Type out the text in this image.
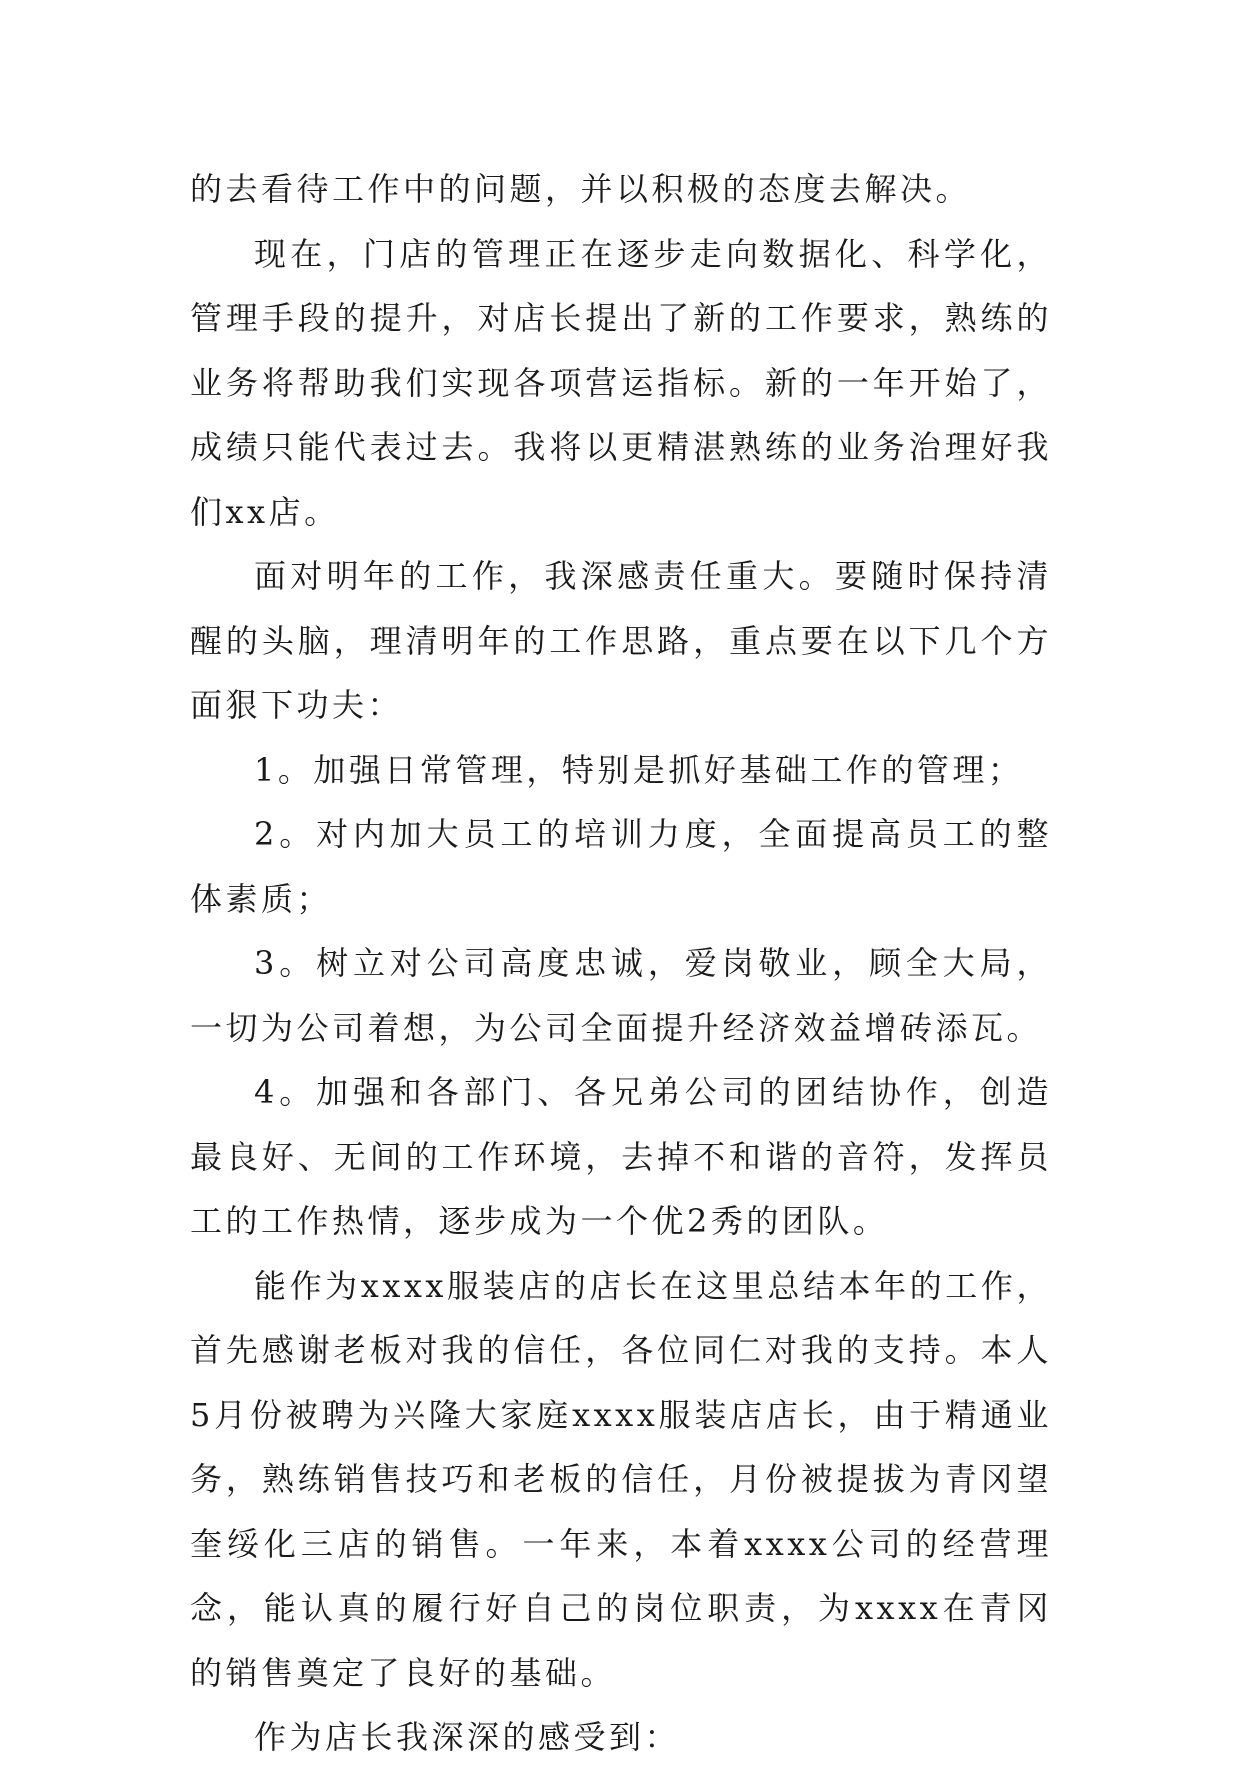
的去看待工作中的问题，并以积极的态度去解决。

现在，门店的管理正在逐步走向数据化、科学化，管理手段的提升，对店长提出了新的工作要求，熟练的业务将帮助我们实现各项营运指标。新的一年开始了，成绩只能代表过去。我将以更精湛熟练的业务治理好我们xx店。

面对明年的工作，我深感责任重大。要随时保持清醒的头脑，理清明年的工作思路，重点要在以下几个方面狠下功夫：

1。加强日常管理，特别是抓好基础工作的管理；

2。对内加大员工的培训力度，全面提高员工的整体素质；

3。树立对公司高度忠诚，爱岗敬业，顾全大局，一切为公司着想，为公司全面提升经济效益增砖添瓦。

4。加强和各部门、各兄弟公司的团结协作，创造最良好、无间的工作环境，去掉不和谐的音符，发挥员工的工作热情，逐步成为一个优2秀的团队。

能作为xxxx服装店的店长在这里总结本年的工作，首先感谢老板对我的信任，各位同仁对我的支持。本人5月份被聘为兴隆大家庭xxxx服装店店长，由于精通业务，熟练销售技巧和老板的信任，月份被提拔为青冈望奎绥化三店的销售。一年来，本着xxxx公司的经营理念，能认真的履行好自己的岗位职责，为xxxx在青冈的销售奠定了良好的基础。

作为店长我深深的感受到：
